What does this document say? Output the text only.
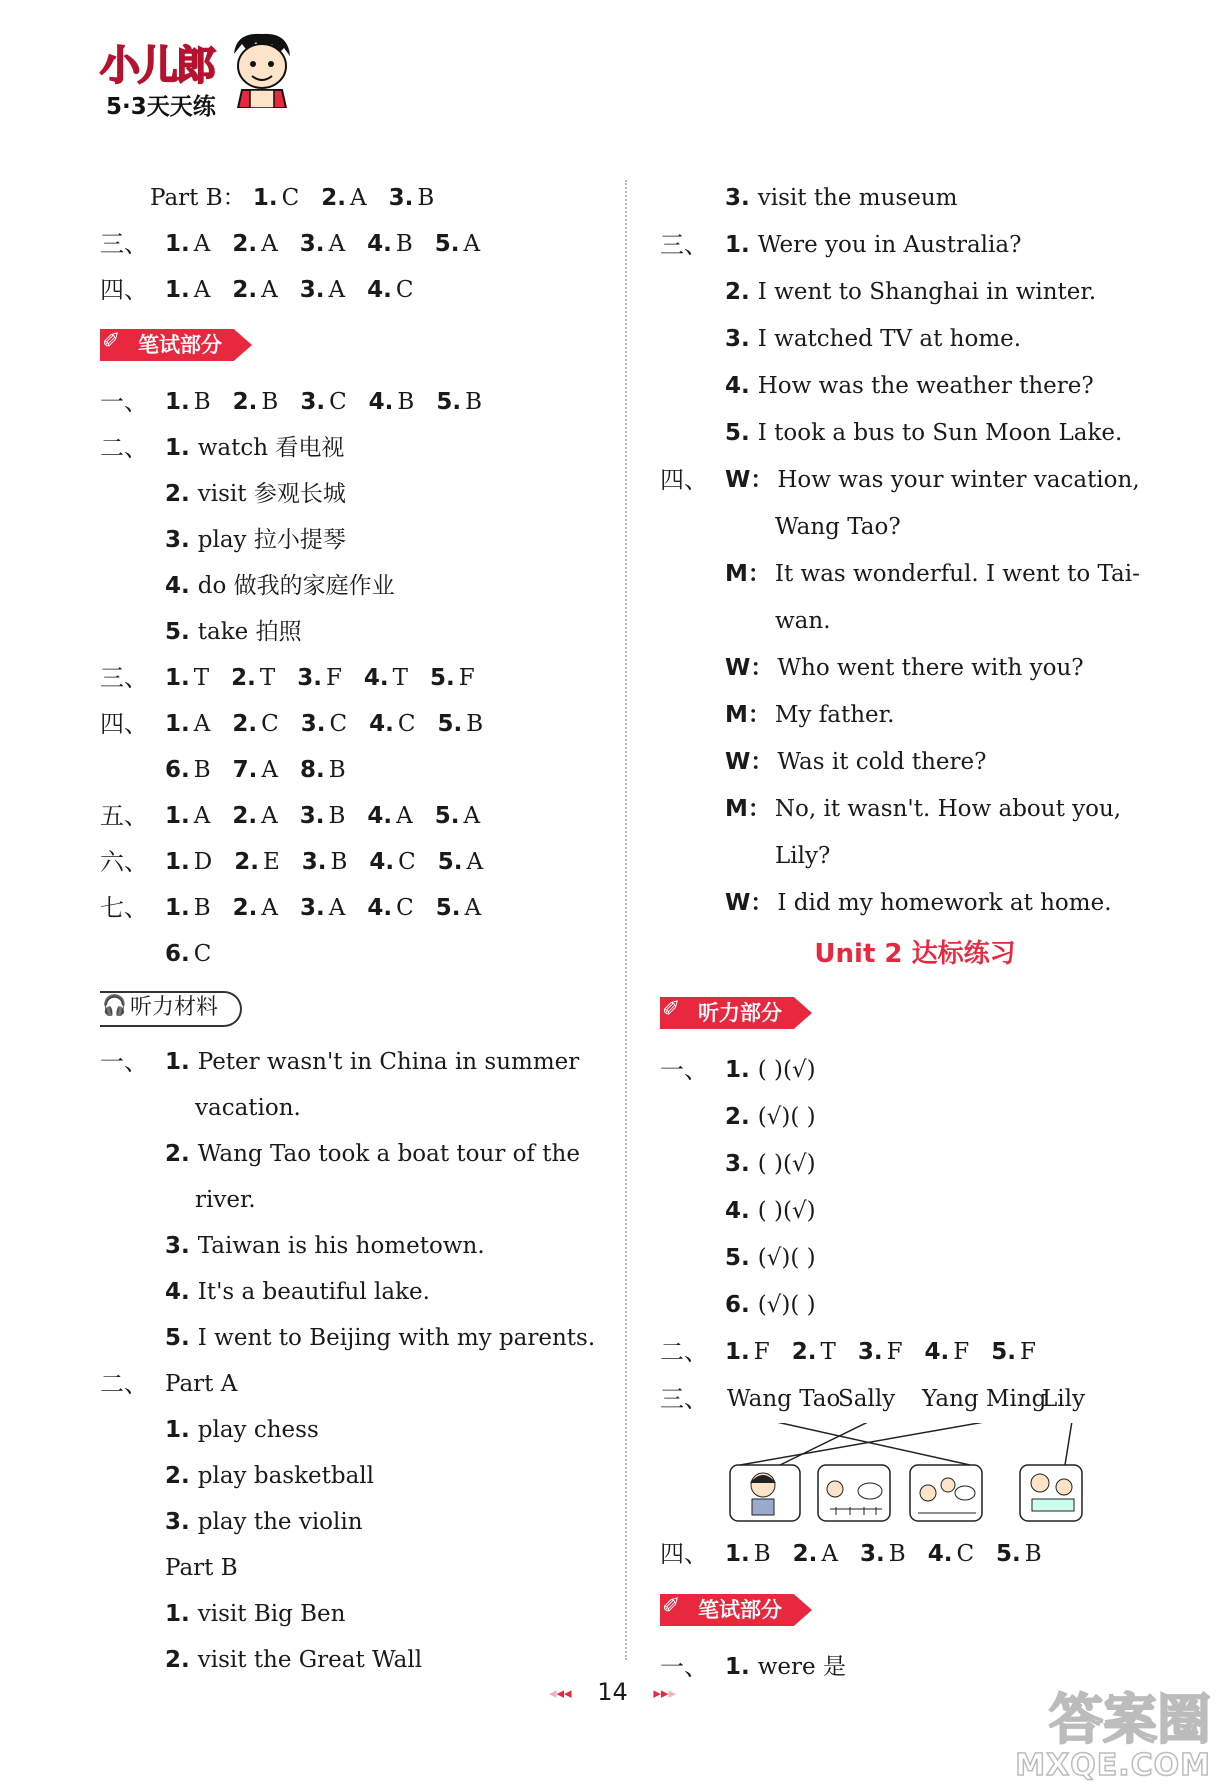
小儿郎
5·3天天练
Part B： 1. C 2. A 3. B
三、 1. A 2. A 3. A 4. B 5. A
四、 1. A 2. A 3. A 4. C
✐ 笔试部分
一、 1. B 2. B 3. C 4. B 5. B
二、 1. watch 看电视
2. visit 参观长城
3. play 拉小提琴
4. do 做我的家庭作业
5. take 拍照
三、 1. T 2. T 3. F 4. T 5. F
四、 1. A 2. C 3. C 4. C 5. B
6. B 7. A 8. B
五、 1. A 2. A 3. B 4. A 5. A
六、 1. D 2. E 3. B 4. C 5. A
七、 1. B 2. A 3. A 4. C 5. A
6. C
🎧 听力材料
一、 1. Peter wasn't in China in summer
vacation.
2. Wang Tao took a boat tour of the
river.
3. Taiwan is his hometown.
4. It's a beautiful lake.
5. I went to Beijing with my parents.
二、 Part A
1. play chess
2. play basketball
3. play the violin
Part B
1. visit Big Ben
2. visit the Great Wall
3. visit the museum
三、 1. Were you in Australia?
2. I went to Shanghai in winter.
3. I watched TV at home.
4. How was the weather there?
5. I took a bus to Sun Moon Lake.
四、 W： How was your winter vacation,
Wang Tao?
M： It was wonderful. I went to Tai-
wan.
W： Who went there with you?
M： My father.
W： Was it cold there?
M： No, it wasn't. How about you,
Lily?
W： I did my homework at home.
Unit 2 达标练习
✐ 听力部分
一、 1. ( )(√)
2. (√)( )
3. ( )(√)
4. ( )(√)
5. (√)( )
6. (√)( )
二、 1. F 2. T 3. F 4. F 5. F
三、 Wang Tao
Sally Yang Ming
Lily
四、 1. B 2. A 3. B 4. C 5. B
✐ 笔试部分
一、 1. were 是
◂◂◂ 14 ▸▸▸	答案圈
MXQE.COM
